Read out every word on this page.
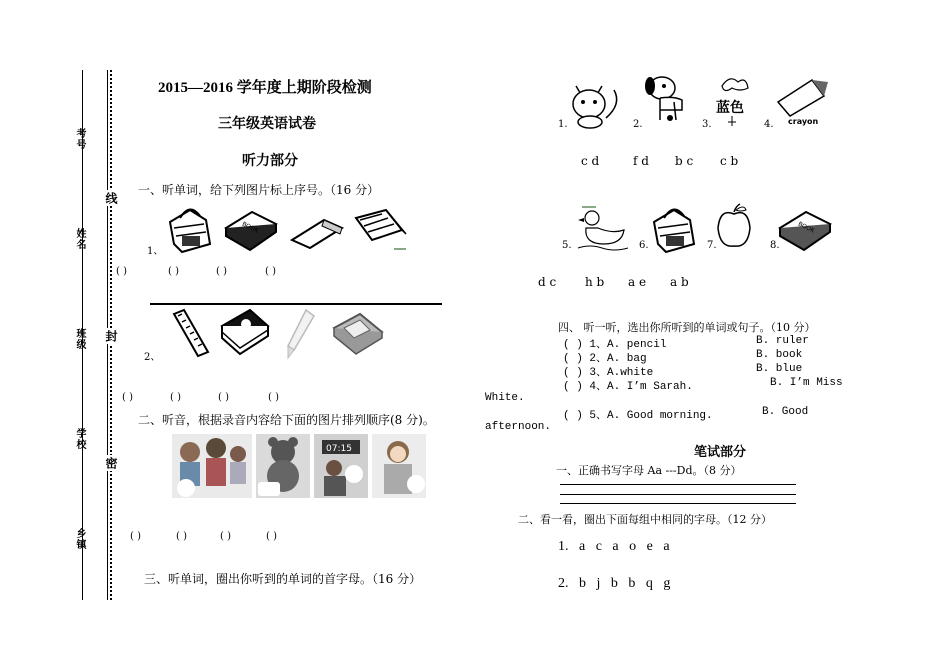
考号
姓名
班级
学校
乡镇
线
封
密
2015—2016 学年度上期阶段检测
三年级英语试卷
听力部分
一、听单词，给下列图片标上序号。（16 分）
1、
BOOK
( )	( )	( )	( )
2、
( )	( )	( )	( )
二、听音，根据录音内容给下面的图片排列顺序(8 分)。
07:15
( )	( )	( )	( )
三、听单词，圈出你听到的单词的首字母。（16 分）
1.	2.	3.
蓝色
4. crayon
c d	f d b c c b
5.	6.	7.	8.
BOOK
d c h b a e a b
四、 听一听，选出你所听到的单词或句子。（10 分）
( ) 1、A. pencil	B. ruler
( ) 2、A. bag	B. book
( ) 3、A.white	B. blue
( ) 4、A. I’m Sarah.	B. I’m Miss
White.
( ) 5、A. Good morning.	B. Good
afternoon.
笔试部分
一、正确书写字母 Aa ---Dd。（8 分）
二、看一看，圈出下面每组中相同的字母。（12 分）
1. a c a o e a
2. b j b b q g
